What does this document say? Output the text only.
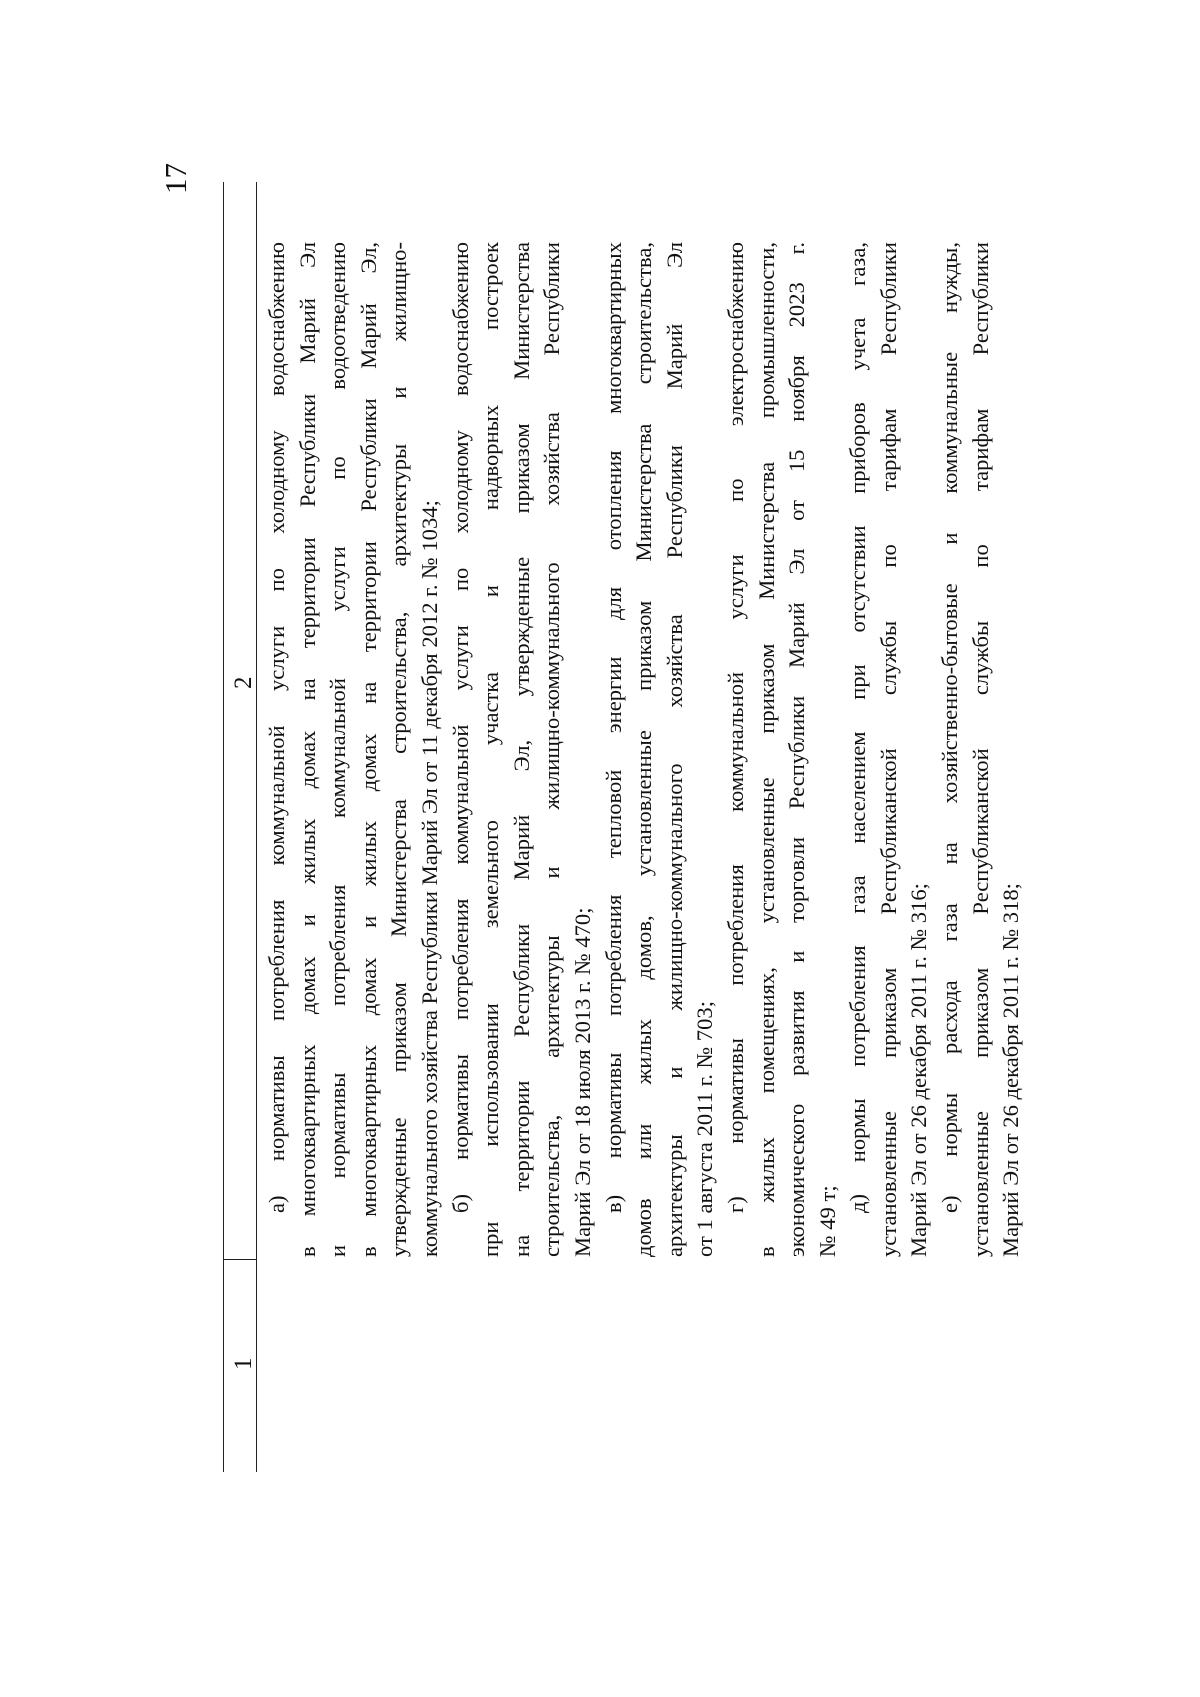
17
1
2 а) нормативы потребления коммунальной услуги по холодному водоснабжению в многоквартирных домах и жилых домах на территории Республики Марий Эл и нормативы потребления коммунальной услуги по водоотведению в многоквартирных домах и жилых домах на территории Республики Марий Эл, утвержденные приказом Министерства строительства, архитектуры и жилищно- коммунального хозяйства Республики Марий Эл от 11 декабря 2012 г. № 1034; б) нормативы потребления коммунальной услуги по холодному водоснабжению при использовании земельного участка и надворных построек на территории Республики Марий Эл, утвержденные приказом Министерства строительства, архитектуры и жилищно-коммунального хозяйства Республики Марий Эл от 18 июля 2013 г. № 470; в) нормативы потребления тепловой энергии для отопления многоквартирных домов или жилых домов, установленные приказом Министерства строительства, архитектуры и жилищно-коммунального хозяйства Республики Марий Эл от 1 августа 2011 г. № 703; г) нормативы потребления коммунальной услуги по электроснабжению в жилых помещениях, установленные приказом Министерства промышленности, экономического развития и торговли Республики Марий Эл от 15 ноября 2023 г. № 49 т;
д) нормы потребления газа населением при отсутствии приборов учета газа, установленные приказом Республиканской службы по тарифам Республики Марий Эл от 26 декабря 2011 г. № 316; е) нормы расхода газа на хозяйственно-бытовые и коммунальные нужды, установленные приказом Республиканской службы по тарифам Республики Марий Эл от 26 декабря 2011 г. № 318;
